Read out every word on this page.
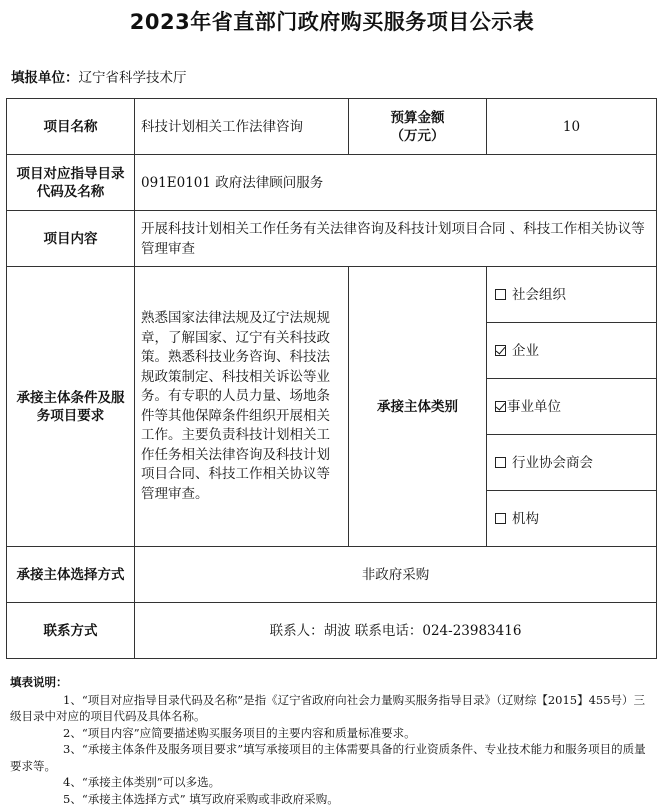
2023年省直部门政府购买服务项目公示表
填报单位：辽宁省科学技术厅
项目名称	科技计划相关工作法律咨询	预算金额
（万元）	10
项目对应指导目录代码及名称	091E0101 政府法律顾问服务		
项目内容	开展科技计划相关工作任务有关法律咨询及科技计划项目合同 、科技工作相关协议等管理审查		
承接主体条件及服务项目要求	熟悉国家法律法规及辽宁法规规章，了解国家、辽宁有关科技政策。熟悉科技业务咨询、科技法规政策制定、科技相关诉讼等业务。有专职的人员力量、场地条件等其他保障条件组织开展相关工作。主要负责科技计划相关工作任务相关法律咨询及科技计划项目合同、科技工作相关协议等管理审查。	承接主体类别	社会组织
			企业
			事业单位
			行业协会商会
			机构
承接主体选择方式	非政府采购		
联系方式	联系人：胡波 联系电话：024-23983416		
填表说明：
1、“项目对应指导目录代码及名称”是指《辽宁省政府向社会力量购买服务指导目录》（辽财综【2015】455号）三级目录中对应的项目代码及具体名称。
2、“项目内容”应简要描述购买服务项目的主要内容和质量标准要求。
3、“承接主体条件及服务项目要求”填写承接项目的主体需要具备的行业资质条件、专业技术能力和服务项目的质量要求等。
4、“承接主体类别”可以多选。
5、“承接主体选择方式” 填写政府采购或非政府采购。
